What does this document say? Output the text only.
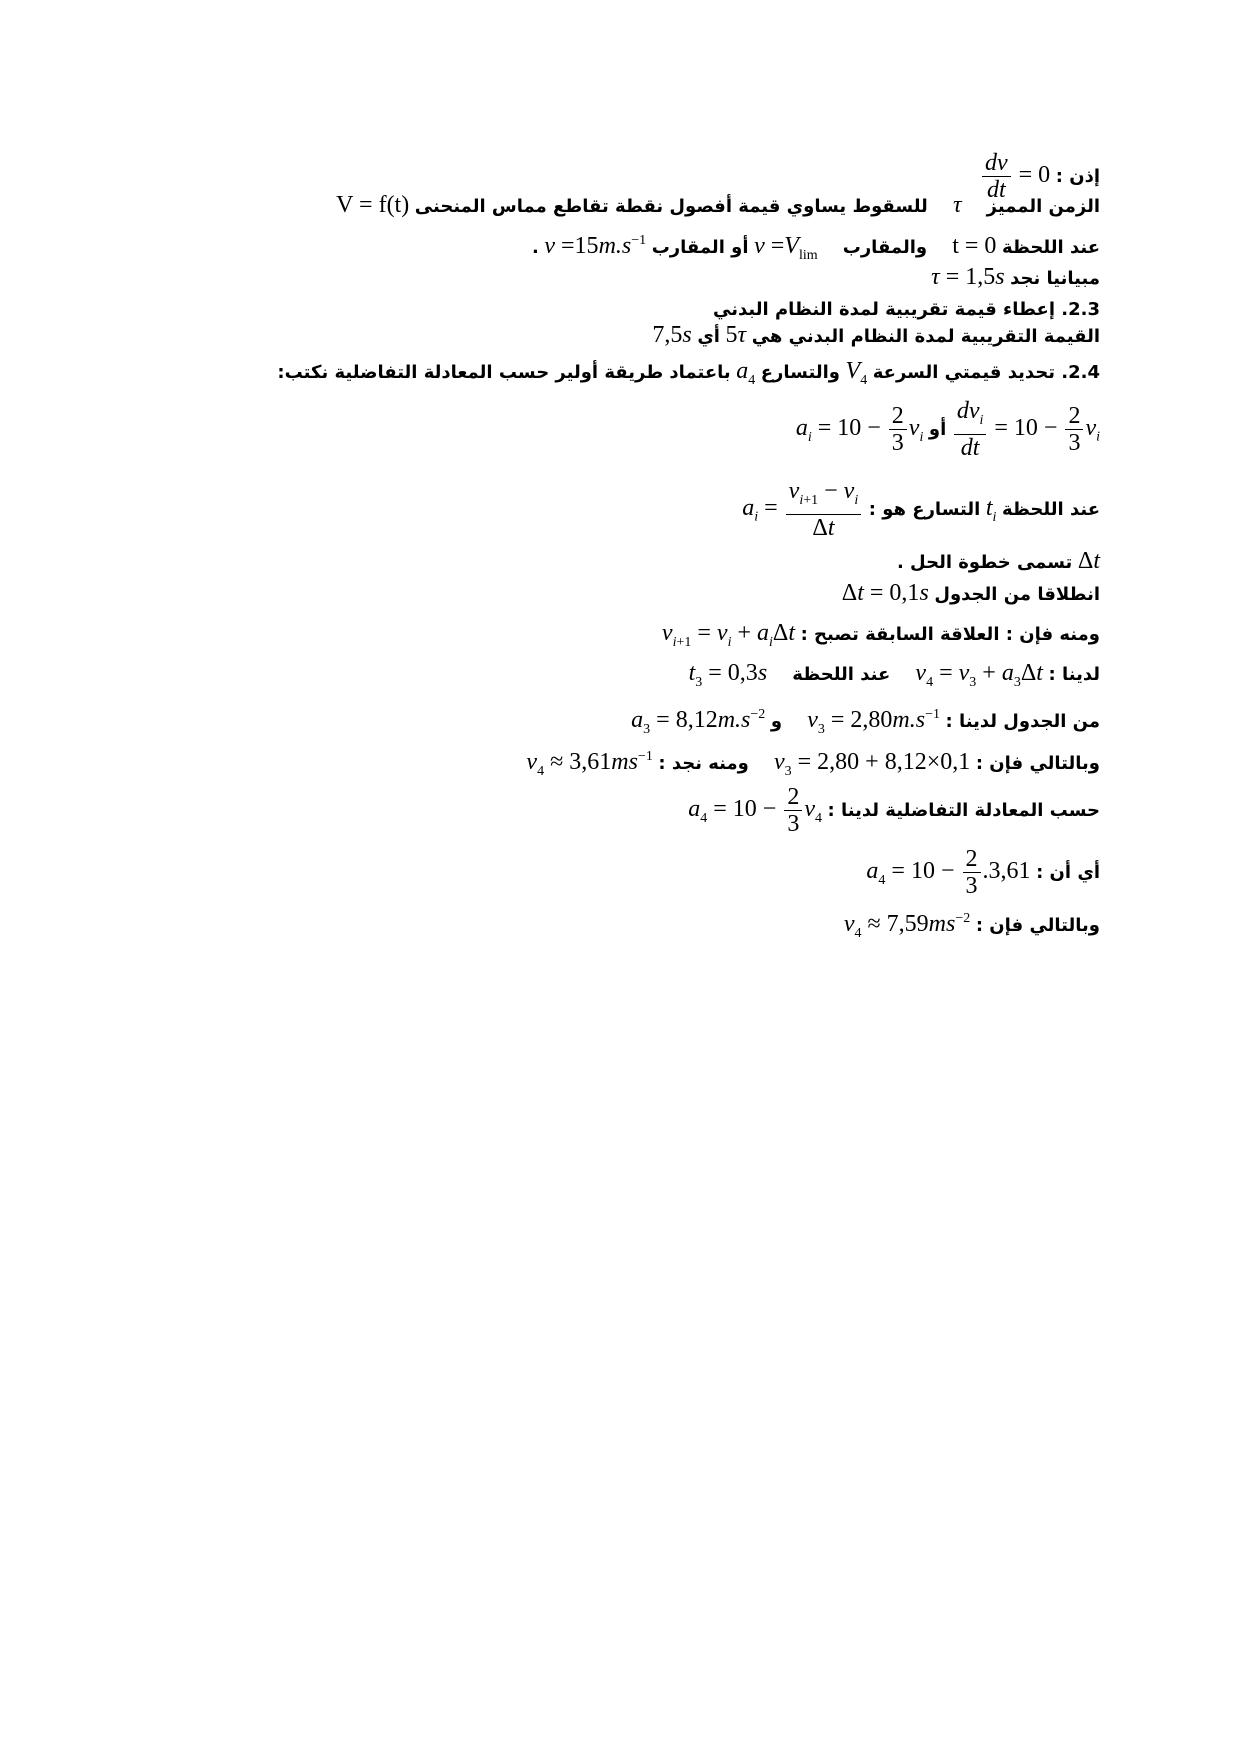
إذن :
$\frac{dv}{dt} = 0$
الزمن المميز  τ  للسقوط يساوي قيمة أفصول نقطة تقاطع مماس المنحنى V = f(t)
عند اللحظة t = 0  والمقارب  $v =V_{lim}$ أو المقارب $v =15m.s^{-1}$ .
مبيانيا نجد τ = 1,5s
2.3. إعطاء قيمة تقريبية لمدة النظام البدني
القيمة التقريبية لمدة النظام البدني هي 5τ أي 7,5s
2.4. تحديد قيمتي السرعة $V_4$ والتسارع $a_4$ باعتماد طريقة أولير حسب المعادلة التفاضلية نكتب:
$\frac{dv_i}{dt} = 10 - \frac{2}{3} v_i$ أو $a_i = 10 - \frac{2}{3} v_i$
عند اللحظة $t_i$ التسارع هو : $a_i = \frac{v_{i+1} - v_i}{\Delta t}$
Δt تسمى خطوة الحل .
انطلاقا من الجدول Δt = 0,1s
ومنه فإن : العلاقة السابقة تصبح : $v_{i+1} = v_i + a_i\Delta t$
لدينا : $v_4 = v_3 + a_3\Delta t$  عند اللحظة  $t_3 = 0,3s$
من الجدول لدينا : $v_3 = 2,80m.s^{-1}$  و $a_3 = 8,12m.s^{-2}$
وبالتالي فإن : $v_3 = 2,80 + 8,12\times 0,1$  ومنه نجد : $v_4 \approx 3,61ms^{-1}$
حسب المعادلة التفاضلية لدينا : $a_4 = 10 - \frac{2}{3} v_4$
أي أن : $a_4 = 10 - \frac{2}{3} .3,61$
وبالتالي فإن : $v_4 \approx 7,59ms^{-2}$
